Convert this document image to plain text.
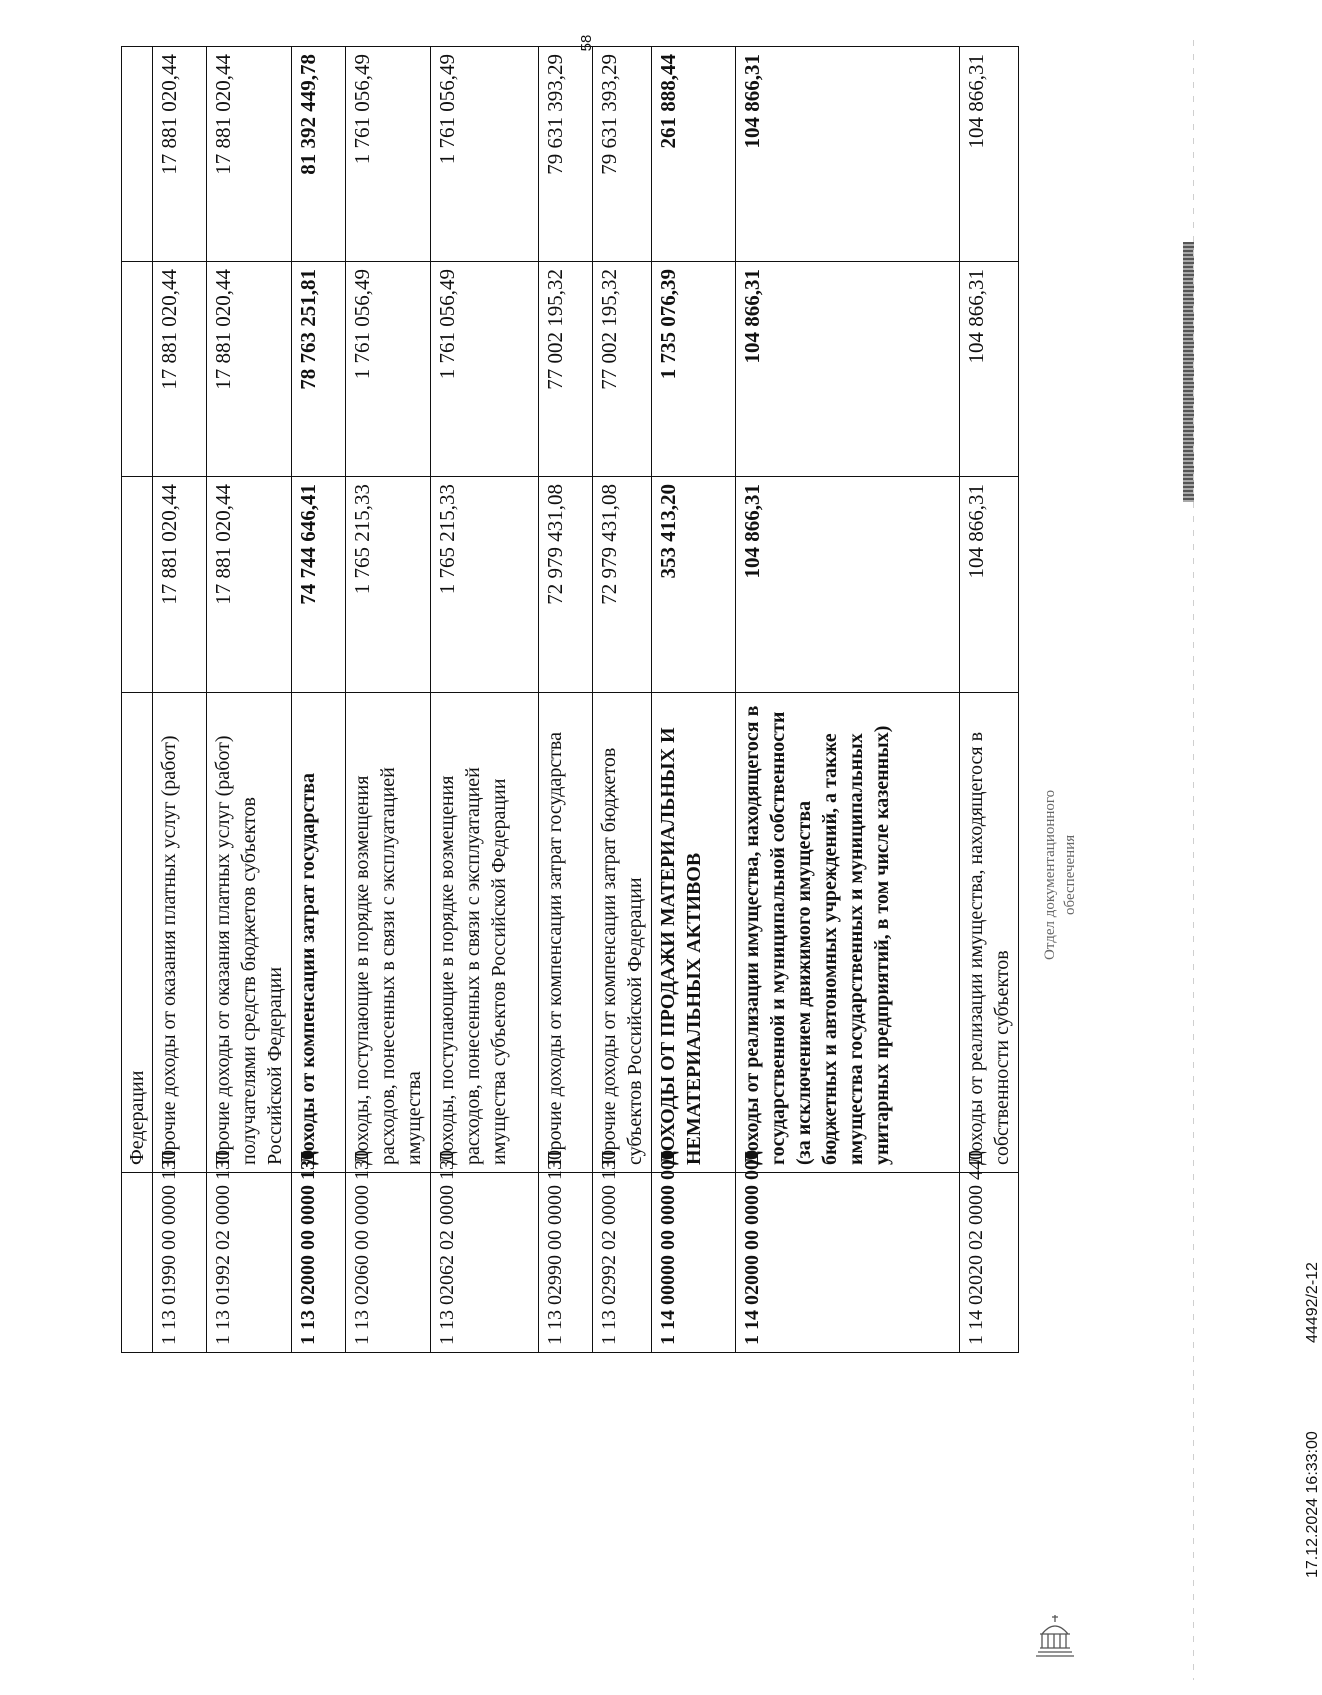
58
	Федерации			
1 13 01990 00 0000 130	Прочие доходы от оказания платных услуг (работ)	17 881 020,44	17 881 020,44	17 881 020,44
1 13 01992 02 0000 130	Прочие доходы от оказания платных услуг (работ) получателями средств бюджетов субъектов Российской Федерации	17 881 020,44	17 881 020,44	17 881 020,44
1 13 02000 00 0000 130	Доходы от компенсации затрат государства	74 744 646,41	78 763 251,81	81 392 449,78
1 13 02060 00 0000 130	Доходы, поступающие в порядке возмещения расходов, понесенных в связи с эксплуатацией имущества	1 765 215,33	1 761 056,49	1 761 056,49
1 13 02062 02 0000 130	Доходы, поступающие в порядке возмещения расходов, понесенных в связи с эксплуатацией имущества субъектов Российской Федерации	1 765 215,33	1 761 056,49	1 761 056,49
1 13 02990 00 0000 130	Прочие доходы от компенсации затрат государства	72 979 431,08	77 002 195,32	79 631 393,29
1 13 02992 02 0000 130	Прочие доходы от компенсации затрат бюджетов субъектов Российской Федерации	72 979 431,08	77 002 195,32	79 631 393,29
1 14 00000 00 0000 000	ДОХОДЫ ОТ ПРОДАЖИ МАТЕРИАЛЬНЫХ И НЕМАТЕРИАЛЬНЫХ АКТИВОВ	353 413,20	1 735 076,39	261 888,44
1 14 02000 00 0000 000	Доходы от реализации имущества, находящегося в государственной и муниципальной собственности (за исключением движимого имущества бюджетных и автономных учреждений, а также имущества государственных и муниципальных унитарных предприятий, в том числе казенных)	104 866,31	104 866,31	104 866,31
1 14 02020 02 0000 440	Доходы от реализации имущества, находящегося в собственности субъектов	104 866,31	104 866,31	104 866,31
17.12.2024 16:33:00
44492/2-12
Отдел документационного обеспечения
